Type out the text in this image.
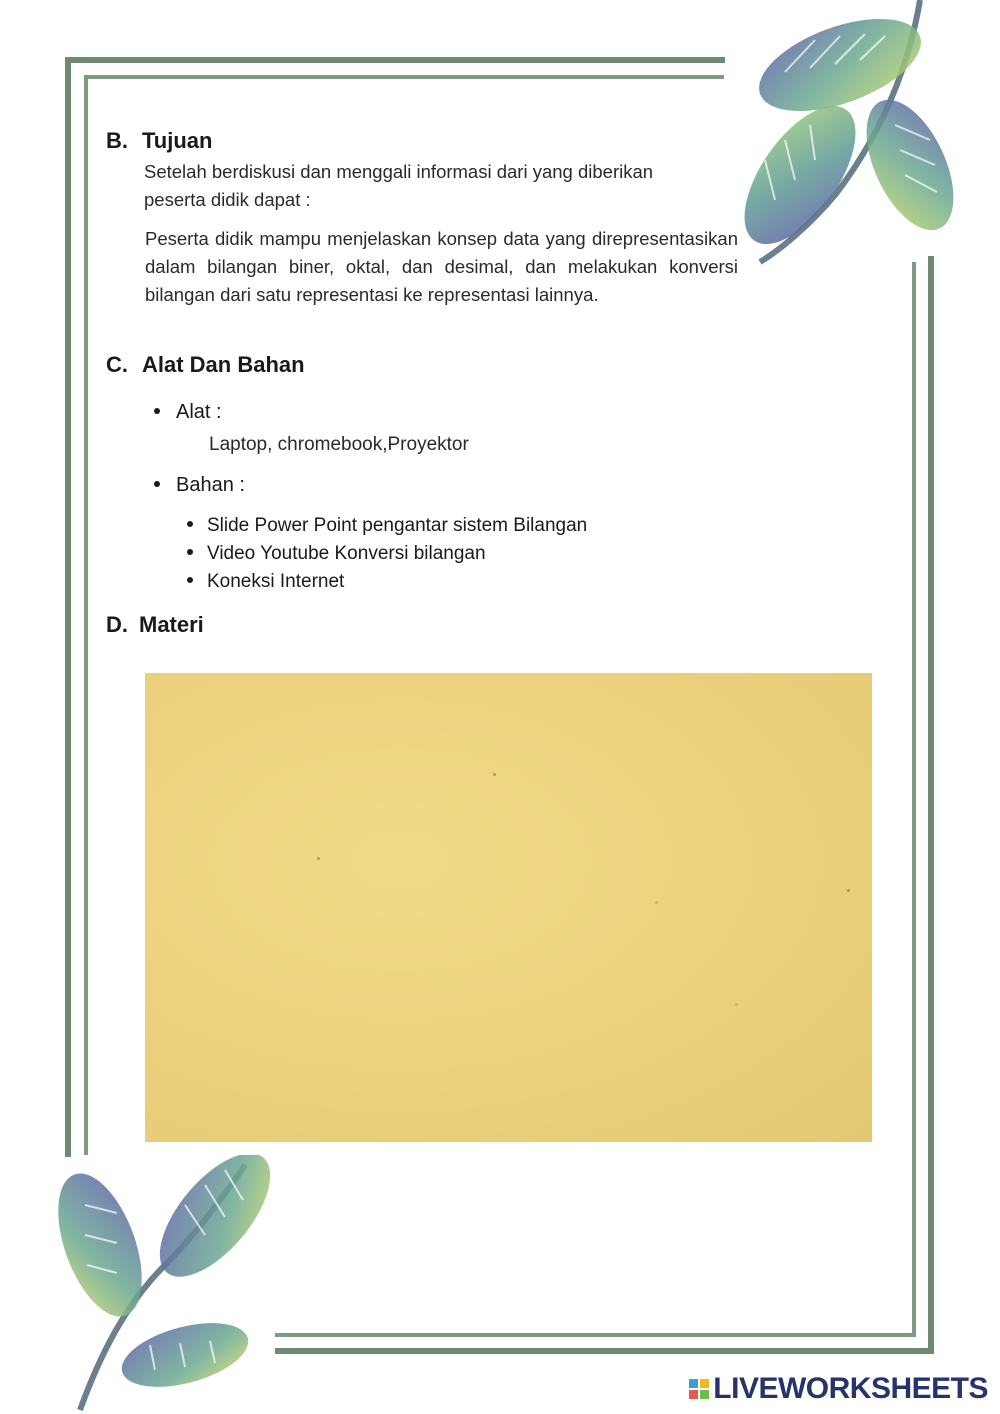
B. Tujuan
Setelah berdiskusi dan menggali informasi dari yang diberikan
peserta didik dapat :
Peserta didik mampu menjelaskan konsep data yang direpresentasikan dalam bilangan biner, oktal, dan desimal, dan melakukan konversi bilangan dari satu representasi ke representasi lainnya.
C. Alat Dan Bahan
Alat :
Laptop, chromebook,Proyektor
Bahan :
Slide Power Point pengantar sistem Bilangan
Video Youtube Konversi bilangan
Koneksi Internet
D. Materi
LIVEWORKSHEETS
